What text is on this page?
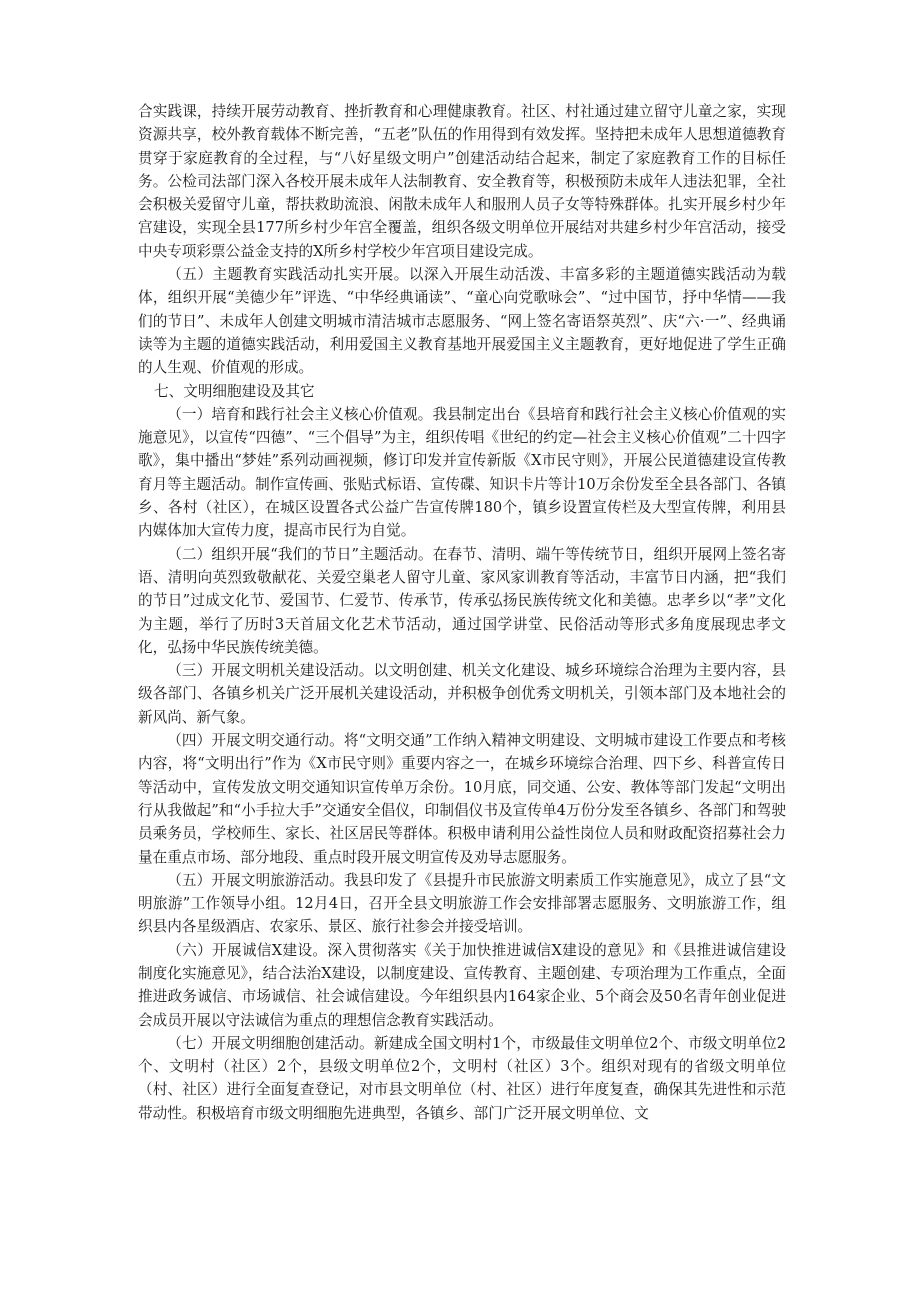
合实践课，持续开展劳动教育、挫折教育和心理健康教育。社区、村社通过建立留守儿童之家，实现资源共享，校外教育载体不断完善，“五老”队伍的作用得到有效发挥。坚持把未成年人思想道德教育贯穿于家庭教育的全过程，与“八好星级文明户”创建活动结合起来，制定了家庭教育工作的目标任务。公检司法部门深入各校开展未成年人法制教育、安全教育等，积极预防未成年人违法犯罪，全社会积极关爱留守儿童，帮扶救助流浪、闲散未成年人和服刑人员子女等特殊群体。扎实开展乡村少年宫建设，实现全县177所乡村少年宫全覆盖，组织各级文明单位开展结对共建乡村少年宫活动，接受中央专项彩票公益金支持的X所乡村学校少年宫项目建设完成。

（五）主题教育实践活动扎实开展。以深入开展生动活泼、丰富多彩的主题道德实践活动为载体，组织开展“美德少年”评选、“中华经典诵读”、“童心向党歌咏会”、“过中国节，抒中华情——我们的节日”、未成年人创建文明城市清洁城市志愿服务、“网上签名寄语祭英烈”、庆“六·一”、经典诵读等为主题的道德实践活动，利用爱国主义教育基地开展爱国主义主题教育，更好地促进了学生正确的人生观、价值观的形成。

七、文明细胞建设及其它

（一）培育和践行社会主义核心价值观。我县制定出台《县培育和践行社会主义核心价值观的实施意见》，以宣传“四德”、“三个倡导”为主，组织传唱《世纪的约定—社会主义核心价值观”二十四字歌》，集中播出“梦娃”系列动画视频，修订印发并宣传新版《X市民守则》，开展公民道德建设宣传教育月等主题活动。制作宣传画、张贴式标语、宣传碟、知识卡片等计10万余份发至全县各部门、各镇乡、各村（社区），在城区设置各式公益广告宣传牌180个，镇乡设置宣传栏及大型宣传牌，利用县内媒体加大宣传力度，提高市民行为自觉。

（二）组织开展“我们的节日”主题活动。在春节、清明、端午等传统节日，组织开展网上签名寄语、清明向英烈致敬献花、关爱空巢老人留守儿童、家风家训教育等活动，丰富节日内涵，把“我们的节日”过成文化节、爱国节、仁爱节、传承节，传承弘扬民族传统文化和美德。忠孝乡以“孝”文化为主题，举行了历时3天首届文化艺术节活动，通过国学讲堂、民俗活动等形式多角度展现忠孝文化，弘扬中华民族传统美德。

（三）开展文明机关建设活动。以文明创建、机关文化建设、城乡环境综合治理为主要内容，县级各部门、各镇乡机关广泛开展机关建设活动，并积极争创优秀文明机关，引领本部门及本地社会的新风尚、新气象。

（四）开展文明交通行动。将“文明交通”工作纳入精神文明建设、文明城市建设工作要点和考核内容，将“文明出行”作为《X市民守则》重要内容之一，在城乡环境综合治理、四下乡、科普宣传日等活动中，宣传发放文明交通知识宣传单万余份。10月底，同交通、公安、教体等部门发起“文明出行从我做起”和“小手拉大手”交通安全倡仪，印制倡仪书及宣传单4万份分发至各镇乡、各部门和驾驶员乘务员，学校师生、家长、社区居民等群体。积极申请利用公益性岗位人员和财政配资招募社会力量在重点市场、部分地段、重点时段开展文明宣传及劝导志愿服务。

（五）开展文明旅游活动。我县印发了《县提升市民旅游文明素质工作实施意见》，成立了县“文明旅游”工作领导小组。12月4日，召开全县文明旅游工作会安排部署志愿服务、文明旅游工作，组织县内各星级酒店、农家乐、景区、旅行社参会并接受培训。

（六）开展诚信X建设。深入贯彻落实《关于加快推进诚信X建设的意见》和《县推进诚信建设制度化实施意见》，结合法治X建设，以制度建设、宣传教育、主题创建、专项治理为工作重点，全面推进政务诚信、市场诚信、社会诚信建设。今年组织县内164家企业、5个商会及50名青年创业促进会成员开展以守法诚信为重点的理想信念教育实践活动。

（七）开展文明细胞创建活动。新建成全国文明村1个，市级最佳文明单位2个、市级文明单位2个、文明村（社区）2个，县级文明单位2个，文明村（社区）3个。组织对现有的省级文明单位（村、社区）进行全面复查登记，对市县文明单位（村、社区）进行年度复查，确保其先进性和示范带动性。积极培育市级文明细胞先进典型，各镇乡、部门广泛开展文明单位、文
